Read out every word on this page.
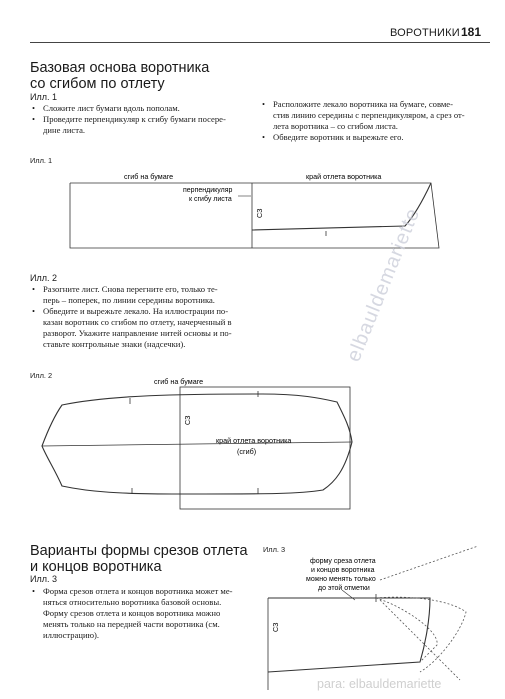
ВОРОТНИКИ 181
Базовая основа воротника
со сгибом по отлету
Илл. 1
• Сложите лист бумаги вдоль пополам.
• Проведите перпендикуляр к сгибу бумаги посере-
дине листа.
• Расположите лекало воротника на бумаге, совме-
стив линию середины с перпендикуляром, а срез от-
лета воротника – со сгибом листа.
• Обведите воротник и вырежьте его.
Илл. 1
сгиб на бумаге	край отлета воротника
перпендикуляр
к сгибу листа
СЗ
сгиб на бумаге
край отлета воротника
(сгиб)
СЗ
форму среза отлета
и концов воротника
можно менять только
до этой отметки
СЗ
Илл. 2
• Разогните лист. Снова перегните его, только те-
перь – поперек, по линии середины воротника.
• Обведите и вырежьте лекало. На иллюстрации по-
казан воротник со сгибом по отлету, начерченный в
разворот. Укажите направление нитей основы и по-
ставьте контрольные знаки (надсечки).
Илл. 2
Варианты формы срезов отлета
и концов воротника
Илл. 3
• Форма срезов отлета и концов воротника может ме-
няться относительно воротника базовой основы.
Форму срезов отлета и концов воротника можно
менять только на передней части воротника (см.
иллюстрацию).
Илл. 3
elbauldemariette
para: elbauldemariette
